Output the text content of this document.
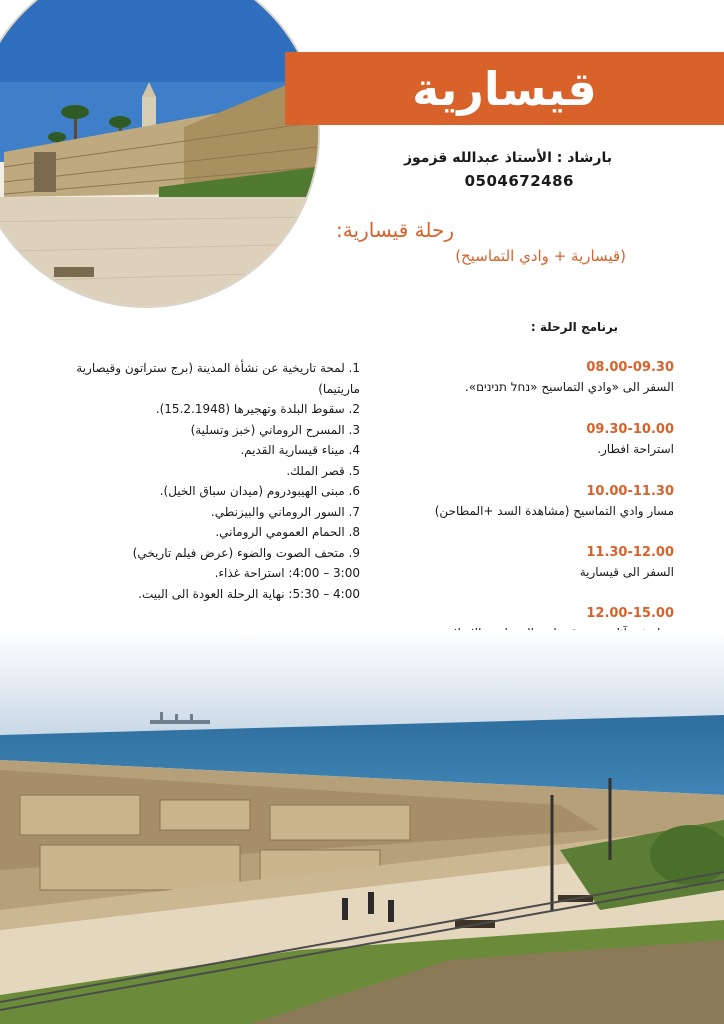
قيسارية
بارشاد : الأستاذ عبدالله قزموز
0504672486
رحلة قيسارية:
(قيسارية + وادي التماسيح)
برنامج الرحلة :
08.00-09.30
السفر الى «وادي التماسيح «נחל תנינים».
09.30-10.00
استراحة افطار.
10.00-11.30
مسار وادي التماسيح (مشاهدة السد +المطاحن)
11.30-12.00
السفر الى قيسارية
12.00-15.00
1. لمحة تاريخية عن نشأة المدينة (برج ستراتون وقيصارية ماريتيما)
2. سقوط البلدة وتهجيرها (15.2.1948).
3. المسرح الروماني (خبز وتسلية)
4. ميناء قيسارية القديم.
5. قصر الملك.
6. مبنى الهيبودروم (ميدان سباق الخيل).
7. السور الروماني والبيزنطي.
8. الحمام العمومي الروماني.
9. متحف الصوت والضوء (عرض فيلم تاريخي)
3:00 – 4:00: استراحة غذاء.
4:00 – 5:30: نهاية الرحلة العودة الى البيت.
